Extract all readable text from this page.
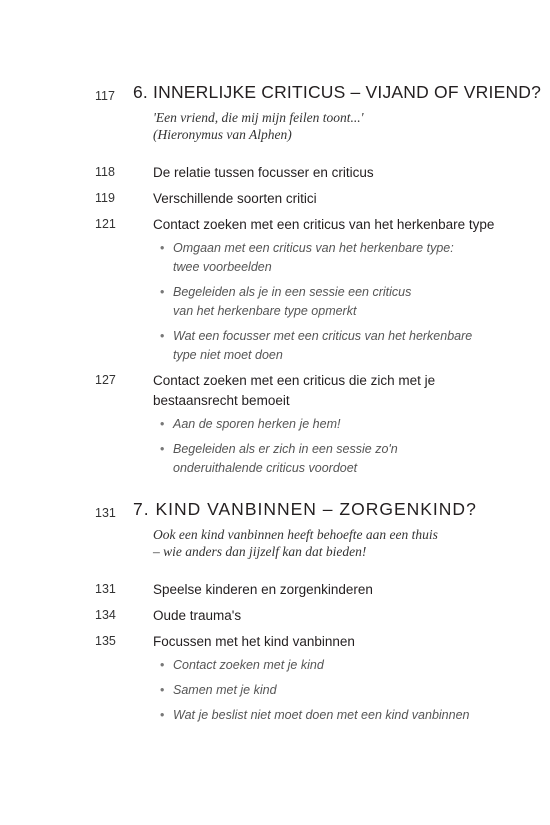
117 6. INNERLIJKE CRITICUS – VIJAND OF VRIEND?
'Een vriend, die mij mijn feilen toont...'
(Hieronymus van Alphen)
118	De relatie tussen focusser en criticus
119	Verschillende soorten critici
121	Contact zoeken met een criticus van het herkenbare type
• Omgaan met een criticus van het herkenbare type:
twee voorbeelden
• Begeleiden als je in een sessie een criticus
van het herkenbare type opmerkt
• Wat een focusser met een criticus van het herkenbare
type niet moet doen
127	Contact zoeken met een criticus die zich met je
bestaansrecht bemoeit
• Aan de sporen herken je hem!
• Begeleiden als er zich in een sessie zo'n
onderuithalende criticus voordoet
131 7. KIND VANBINNEN – ZORGENKIND?
Ook een kind vanbinnen heeft behoefte aan een thuis
– wie anders dan jijzelf kan dat bieden!
131	Speelse kinderen en zorgenkinderen
134	Oude trauma's
135	Focussen met het kind vanbinnen
• Contact zoeken met je kind
• Samen met je kind
• Wat je beslist niet moet doen met een kind vanbinnen
